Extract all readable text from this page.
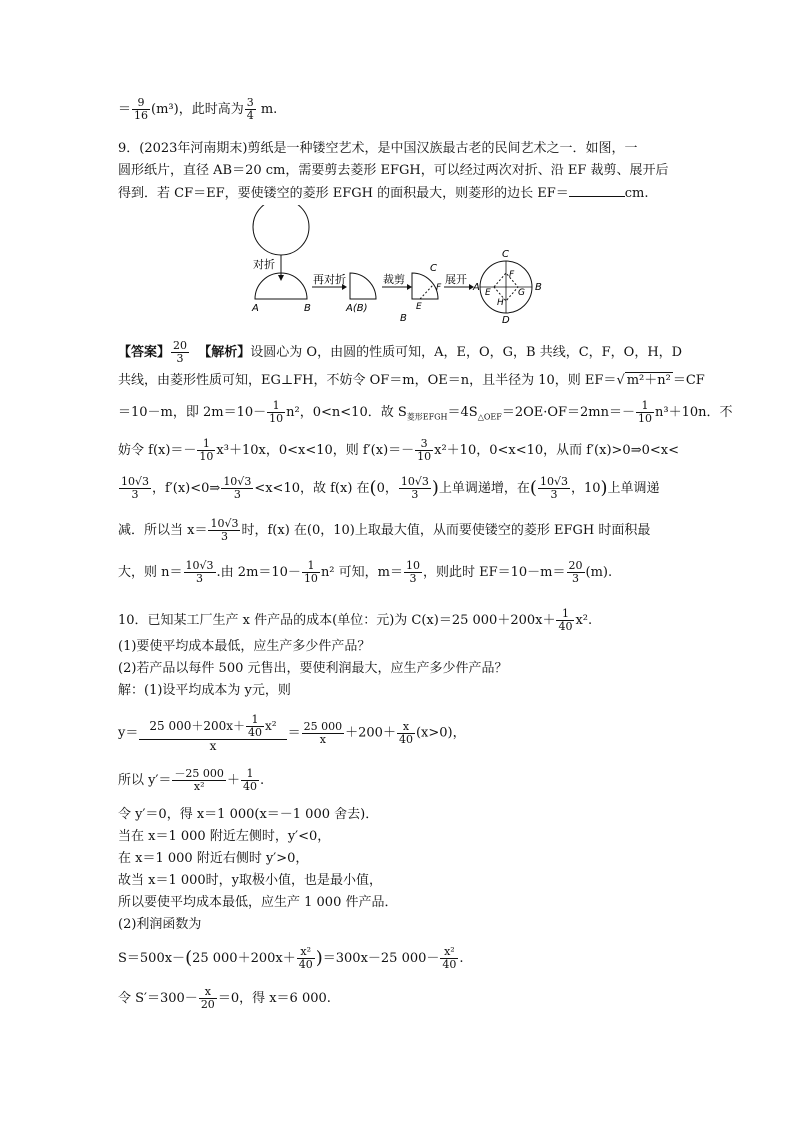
＝ $\frac{9}{16} (m^3)$，此时高为 $\frac{3}{4} m$.
9．(2023年河南期末)剪纸是一种镂空艺术，是中国汉族最古老的民间艺术之一．如图，一
圆形纸片，直径 AB＝20 cm，需要剪去菱形 EFGH，可以经过两次对折、沿 EF 裁剪、展开后
得到．若 CF＝EF，要使镂空的菱形 EFGH 的面积最大，则菱形的边长 EF＝	cm.
对折
A	B
再对折
A(B)
裁剪
C
E
F
B
展开
C
A	B
D
F
E	G
H
【答案】 $\frac{20}{3}$ 【解析】设圆心为 O，由圆的性质可知，A，E，O，G，B 共线，C，F，O，H，D
共线，由菱形性质可知，EG⊥FH，不妨令 OF＝m，OE＝n，且半径为 10，则 EF＝√ m²＋n² ＝CF
＝10－m，即 $2m=10- \frac{1}{10} n^2$，0<n<10．故 $S_{菱形EFGH}=4S_{\triangle OEF}=2OE\cdot OF=2mn=- \frac{1}{10} n^3+10n$．不
妨令 $f(x)=- \frac{1}{10} x^3+10x$，0<x<10，则 $f'(x)=- \frac{3}{10} x^2+10$，0<x<10，从而 f′(x)>0⇒0<x<
$\frac{10√3}{3}$ ，f′(x)<0⇒ $\frac{10√3}{3} <x<10$，故 f(x) 在(0， $\frac{10√3}{3}$ )上单调递增，在( $\frac{10√3}{3}$ ，10)上单调递
减．所以当 $x= \frac{10√3}{3}$ 时，f(x) 在(0，10)上取最大值，从而要使镂空的菱形 EFGH 时面积最
大，则 $n= \frac{10√3}{3}$ .由 $2m=10- \frac{1}{10} n^2$ 可知，$m= \frac{10}{3}$ ，则此时 $EF=10-m= \frac{20}{3} (m)$.
10．已知某工厂生产 x 件产品的成本(单位：元)为 C(x)＝25 $000+200x+ \frac{1}{40} x^2$.
(1)要使平均成本最低，应生产多少件产品？
(2)若产品以每件 500 元售出，要使利润最大，应生产多少件产品？
解：(1)设平均成本为 y元，则
$y= \frac{25 000+200x+ \frac{1}{40} x^2}{x} = \frac{25 000}{x} +200+ \frac{x}{40} (x>0)$，
所以 $y'= \frac{-25 000}{\text{x²}} + \frac{1}{40}$ .
令 y′＝0，得 x＝1 000(x＝－1 000 舍去)．
当在 x＝1 000 附近左侧时，y′<0，
在 x＝1 000 附近右侧时 y′>0，
故当 x＝1 000时，y取极小值，也是最小值，
所以要使平均成本最低，应生产 1 000 件产品．
(2)利润函数为
S＝500x－(25 $000+200x+ \frac{\text{x²}}{40} )=300x-25$ $000- \frac{\text{x²}}{40}$ .
令 $S'=300- \frac{x}{20} =0$，得 x＝6 000.
